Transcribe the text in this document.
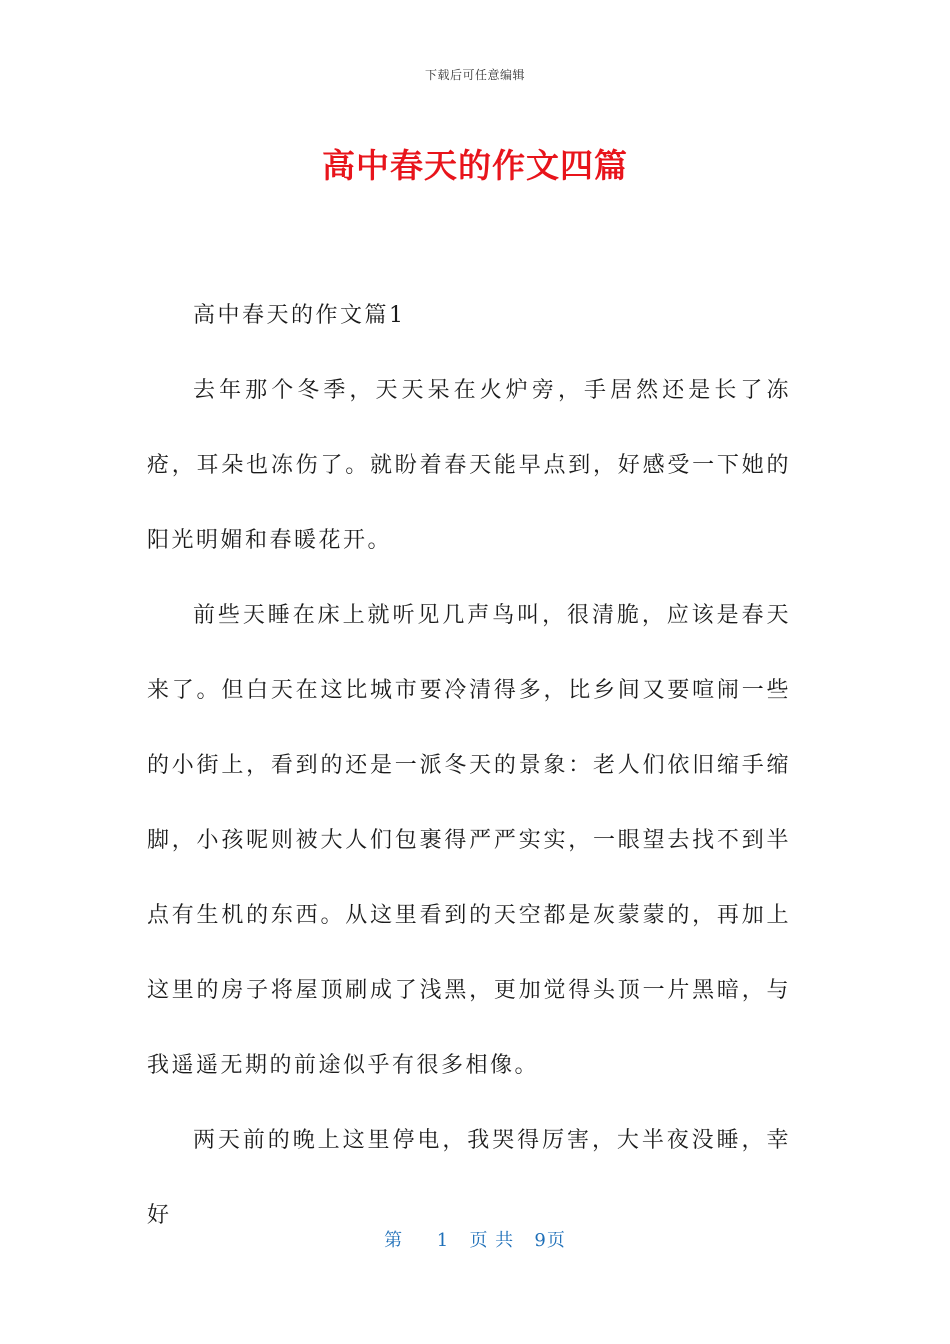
下载后可任意编辑
高中春天的作文四篇

高中春天的作文篇1

去年那个冬季，天天呆在火炉旁，手居然还是长了冻疮，耳朵也冻伤了。就盼着春天能早点到，好感受一下她的阳光明媚和春暖花开。

前些天睡在床上就听见几声鸟叫，很清脆，应该是春天来了。但白天在这比城市要冷清得多，比乡间又要喧闹一些的小街上，看到的还是一派冬天的景象：老人们依旧缩手缩脚，小孩呢则被大人们包裹得严严实实，一眼望去找不到半点有生机的东西。从这里看到的天空都是灰蒙蒙的，再加上这里的房子将屋顶刷成了浅黑，更加觉得头顶一片黑暗，与我遥遥无期的前途似乎有很多相像。

两天前的晚上这里停电，我哭得厉害，大半夜没睡，幸好

第 1 页 共 9页
